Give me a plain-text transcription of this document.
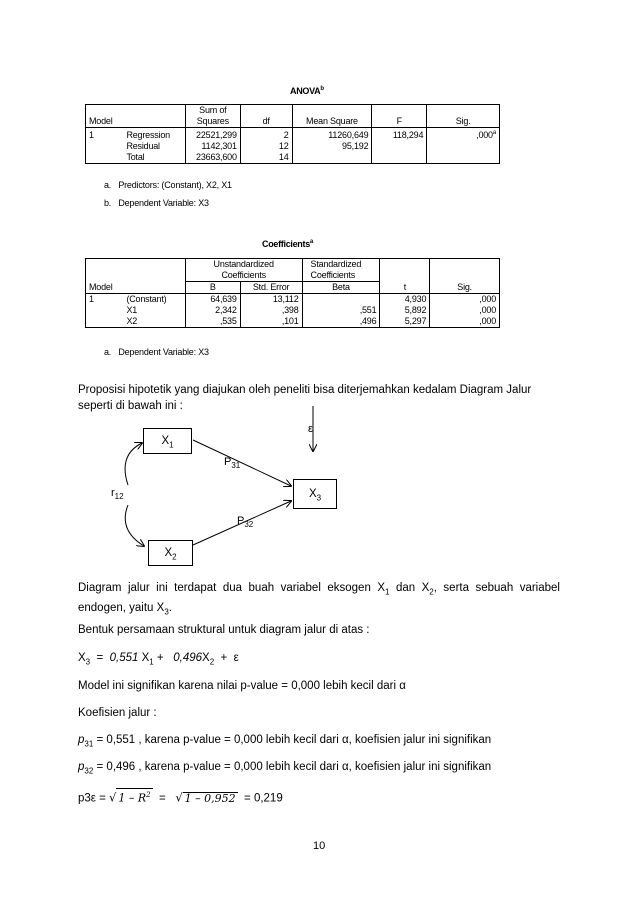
ANOVA$^b$
		Sum of				
Model		Squares	df	Mean Square	F	Sig.
1	Regression	22521,299	2	11260,649	118,294	,000$^a$
	Residual	1142,301	12	95,192		
	Total	23663,600	14			
a. Predictors: (Constant), X2, X1
b. Dependent Variable: X3
Coefficients$^a$
		Unstandardized		Standardized		
		Coefficients		Coefficients		
Model		B	Std. Error	Beta	t	Sig.
1	(Constant)	64,639	13,112		4,930	,000
	X1	2,342	,398	,551	5,892	,000
	X2	,535	,101	,496	5,297	,000
a. Dependent Variable: X3
Proposisi hipotetik yang diajukan oleh peneliti bisa diterjemahkan kedalam Diagram Jalur seperti di bawah ini :
$X_1$
$X_2$
$X_3$
$P_{31}$
$P_{32}$
$r_{12}$
ε
Diagram jalur ini terdapat dua buah variabel eksogen $X_1$ dan $X_2$, serta sebuah variabel endogen, yaitu $X_3$.
Bentuk persamaan struktural untuk diagram jalur di atas :
$X_3 = 0,551$ $X_1 + 0,496X_2 + \varepsilon$
Model ini signifikan karena nilai p-value = 0,000 lebih kecil dari α
Koefisien jalur :
$p_{31} = 0,551$ , karena p-value = 0,000 lebih kecil dari α, koefisien jalur ini signifikan
$p_{32} = 0,496$ , karena p-value = 0,000 lebih kecil dari α, koefisien jalur ini signifikan
p3ε = √ $1 - R^2$  =   √ 1 – 0,952 = 0,219
10
